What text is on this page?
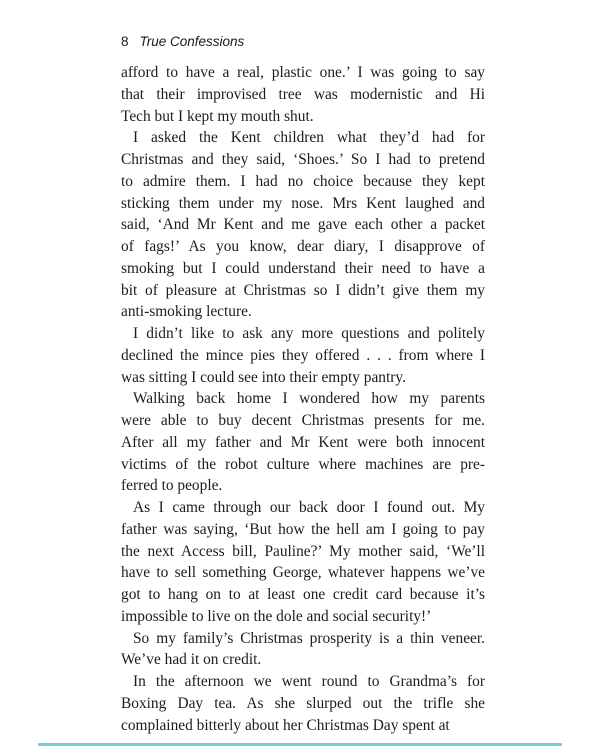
8 True Confessions

afford to have a real, plastic one.’ I was going to say
that their improvised tree was modernistic and Hi
Tech but I kept my mouth shut.

I asked the Kent children what they’d had for
Christmas and they said, ‘Shoes.’ So I had to pretend
to admire them. I had no choice because they kept
sticking them under my nose. Mrs Kent laughed and
said, ‘And Mr Kent and me gave each other a packet
of fags!’ As you know, dear diary, I disapprove of
smoking but I could understand their need to have a
bit of pleasure at Christmas so I didn’t give them my
anti-smoking lecture.

I didn’t like to ask any more questions and politely
declined the mince pies they offered . . . from where I
was sitting I could see into their empty pantry.

Walking back home I wondered how my parents
were able to buy decent Christmas presents for me.
After all my father and Mr Kent were both innocent
victims of the robot culture where machines are pre-
ferred to people.

As I came through our back door I found out. My
father was saying, ‘But how the hell am I going to pay
the next Access bill, Pauline?’ My mother said, ‘We’ll
have to sell something George, whatever happens we’ve
got to hang on to at least one credit card because it’s
impossible to live on the dole and social security!’

So my family’s Christmas prosperity is a thin veneer.
We’ve had it on credit.

In the afternoon we went round to Grandma’s for
Boxing Day tea. As she slurped out the trifle she
complained bitterly about her Christmas Day spent at
